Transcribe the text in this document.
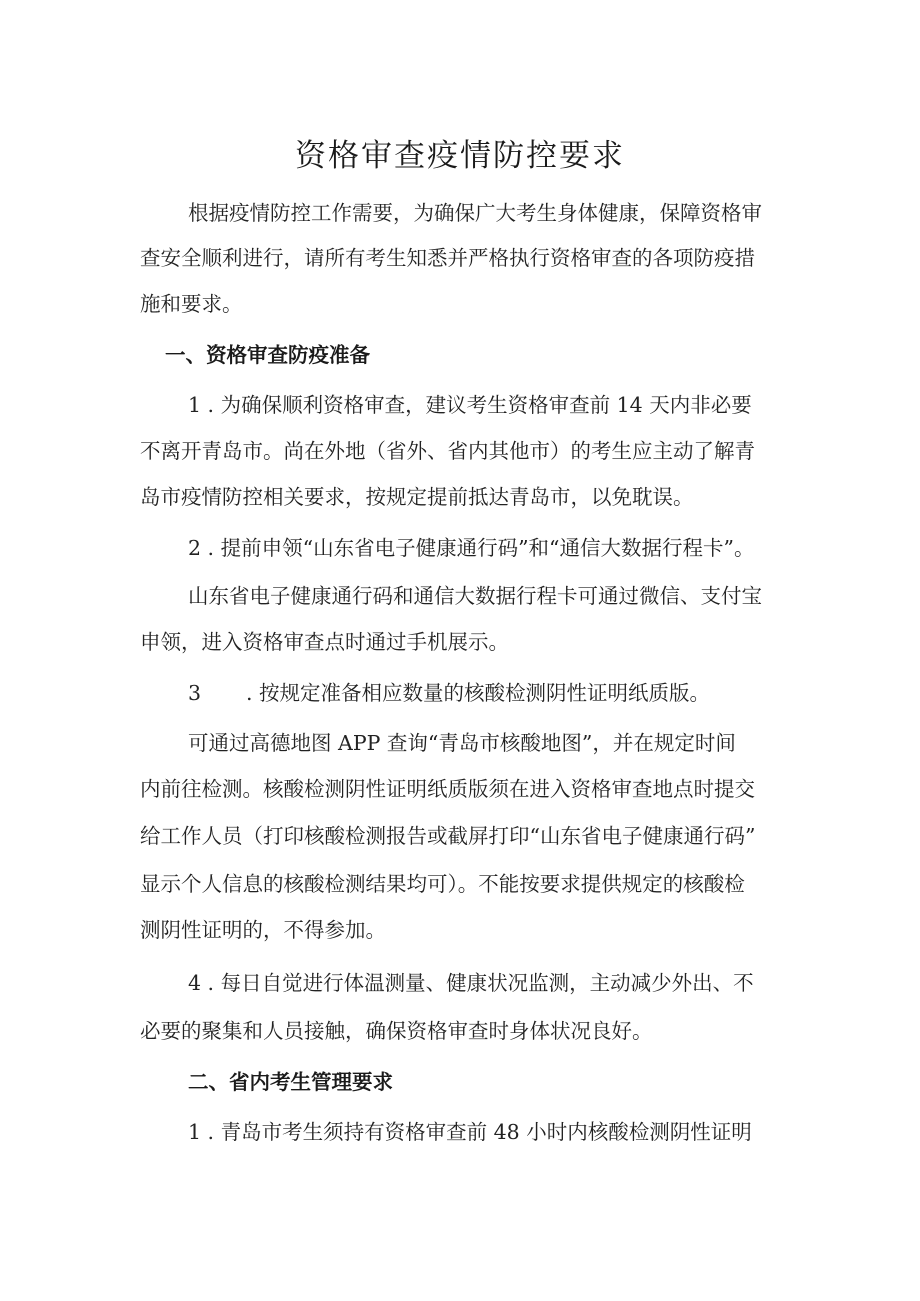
资格审查疫情防控要求
根据疫情防控工作需要，为确保广大考生身体健康，保障资格审
查安全顺利进行，请所有考生知悉并严格执行资格审查的各项防疫措
施和要求。
一、资格审查防疫准备
1 . 为确保顺利资格审查，建议考生资格审查前 14 天内非必要
不离开青岛市。尚在外地（省外、省内其他市）的考生应主动了解青
岛市疫情防控相关要求，按规定提前抵达青岛市，以免耽误。
2 . 提前申领“山东省电子健康通行码”和“通信大数据行程卡”。
山东省电子健康通行码和通信大数据行程卡可通过微信、支付宝
申领，进入资格审查点时通过手机展示。
3 . 按规定准备相应数量的核酸检测阴性证明纸质版。
可通过高德地图 APP 查询“青岛市核酸地图”，并在规定时间
内前往检测。核酸检测阴性证明纸质版须在进入资格审查地点时提交
给工作人员（打印核酸检测报告或截屏打印“山东省电子健康通行码”
显示个人信息的核酸检测结果均可）。不能按要求提供规定的核酸检
测阴性证明的，不得参加。
4 . 每日自觉进行体温测量、健康状况监测，主动减少外出、不
必要的聚集和人员接触，确保资格审查时身体状况良好。
二、省内考生管理要求
1 . 青岛市考生须持有资格审查前 48 小时内核酸检测阴性证明
